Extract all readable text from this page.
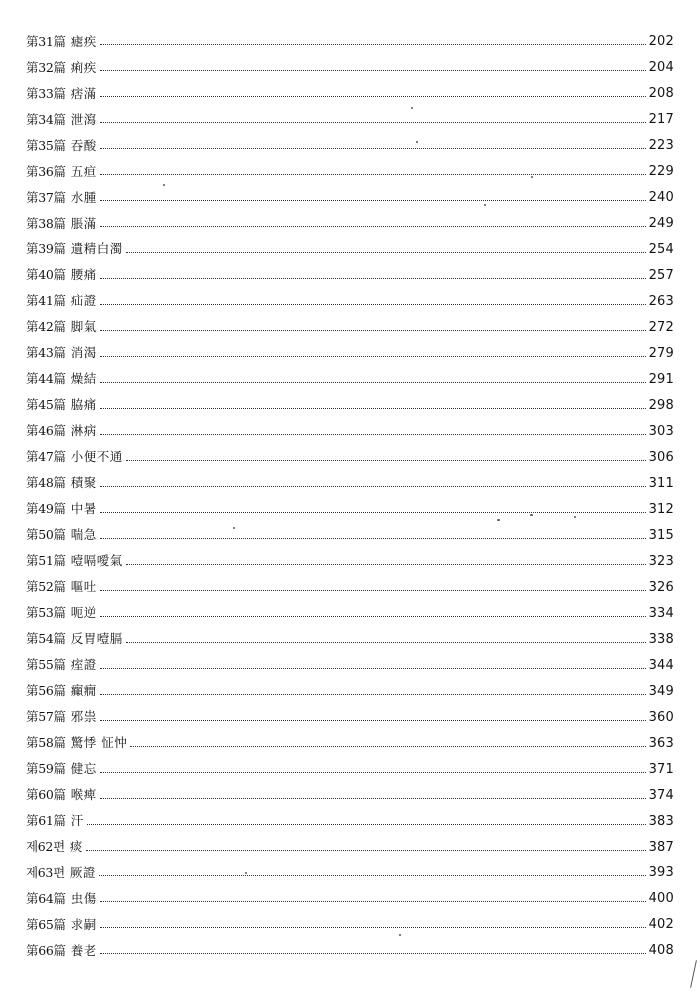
第31篇 瘧疾	202
第32篇 痢疾	204
第33篇 痞滿	208
第34篇 泄瀉	217
第35篇 吞酸	223
第36篇 五疸	229
第37篇 水腫	240
第38篇 脹滿	249
第39篇 遺精白濁	254
第40篇 腰痛	257
第41篇 疝證	263
第42篇 脚氣	272
第43篇 消渴	279
第44篇 燥結	291
第45篇 脇痛	298
第46篇 淋病	303
第47篇 小便不通	306
第48篇 積聚	311
第49篇 中暑	312
第50篇 喘急	315
第51篇 噎嗝噯氣	323
第52篇 嘔吐	326
第53篇 呃逆	334
第54篇 反胃噎膈	338
第55篇 痓證	344
第56篇 癲癇	349
第57篇 邪祟	360
第58篇 驚悸 怔忡	363
第59篇 健忘	371
第60篇 喉痺	374
第61篇 汗	383
제62편 痰	387
제63편 厥證	393
第64篇 虫傷	400
第65篇 求嗣	402
第66篇 養老	408
